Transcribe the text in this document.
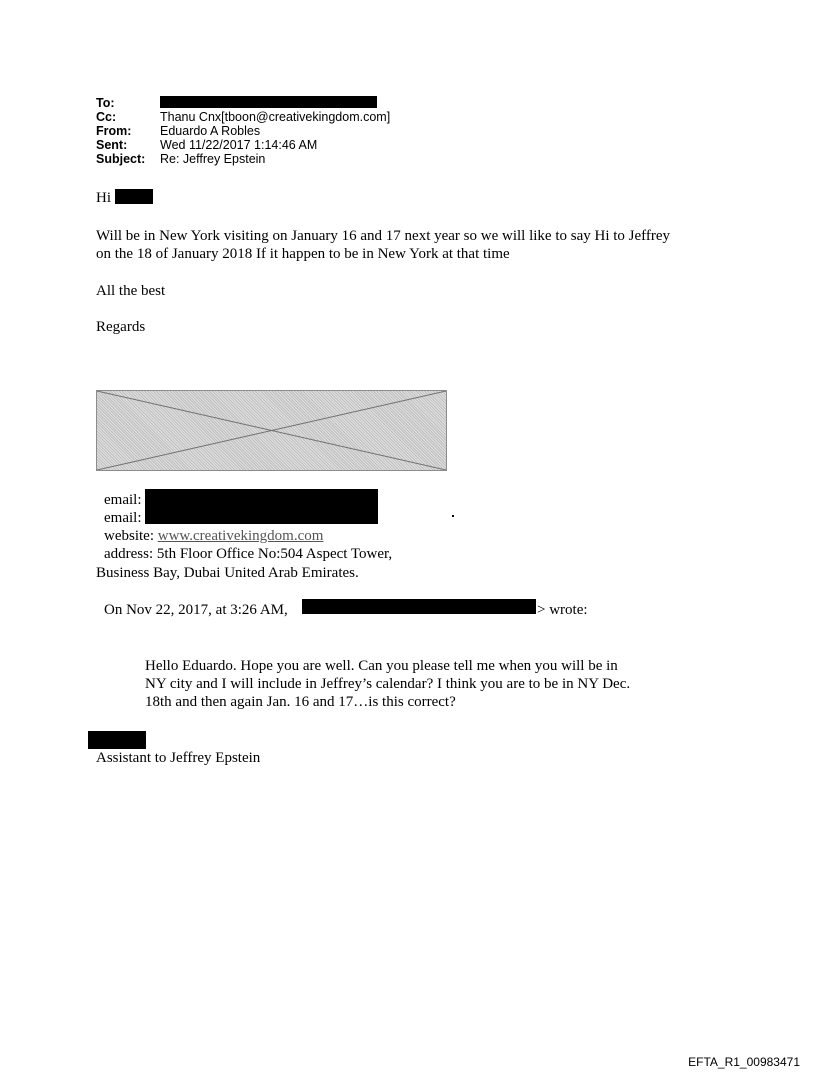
To:
Cc:	Thanu Cnx[tboon@creativekingdom.com]
From: Eduardo A Robles
Sent:	Wed 11/22/2017 1:14:46 AM
Subject: Re: Jeffrey Epstein
Hi
Will be in New York visiting on January 16 and 17 next year so we will like to say Hi to Jeffrey
on the 18 of January 2018 If it happen to be in New York at that time
All the best
Regards
email:
email:
website: www.creativekingdom.com
address: 5th Floor Office No:504 Aspect Tower,
Business Bay, Dubai United Arab Emirates.
On Nov 22, 2017, at 3:26 AM,	> wrote:
Hello Eduardo. Hope you are well. Can you please tell me when you will be in
NY city and I will include in Jeffrey’s calendar? I think you are to be in NY Dec.
18th and then again Jan. 16 and 17…is this correct?
Assistant to Jeffrey Epstein
EFTA_R1_00983471
